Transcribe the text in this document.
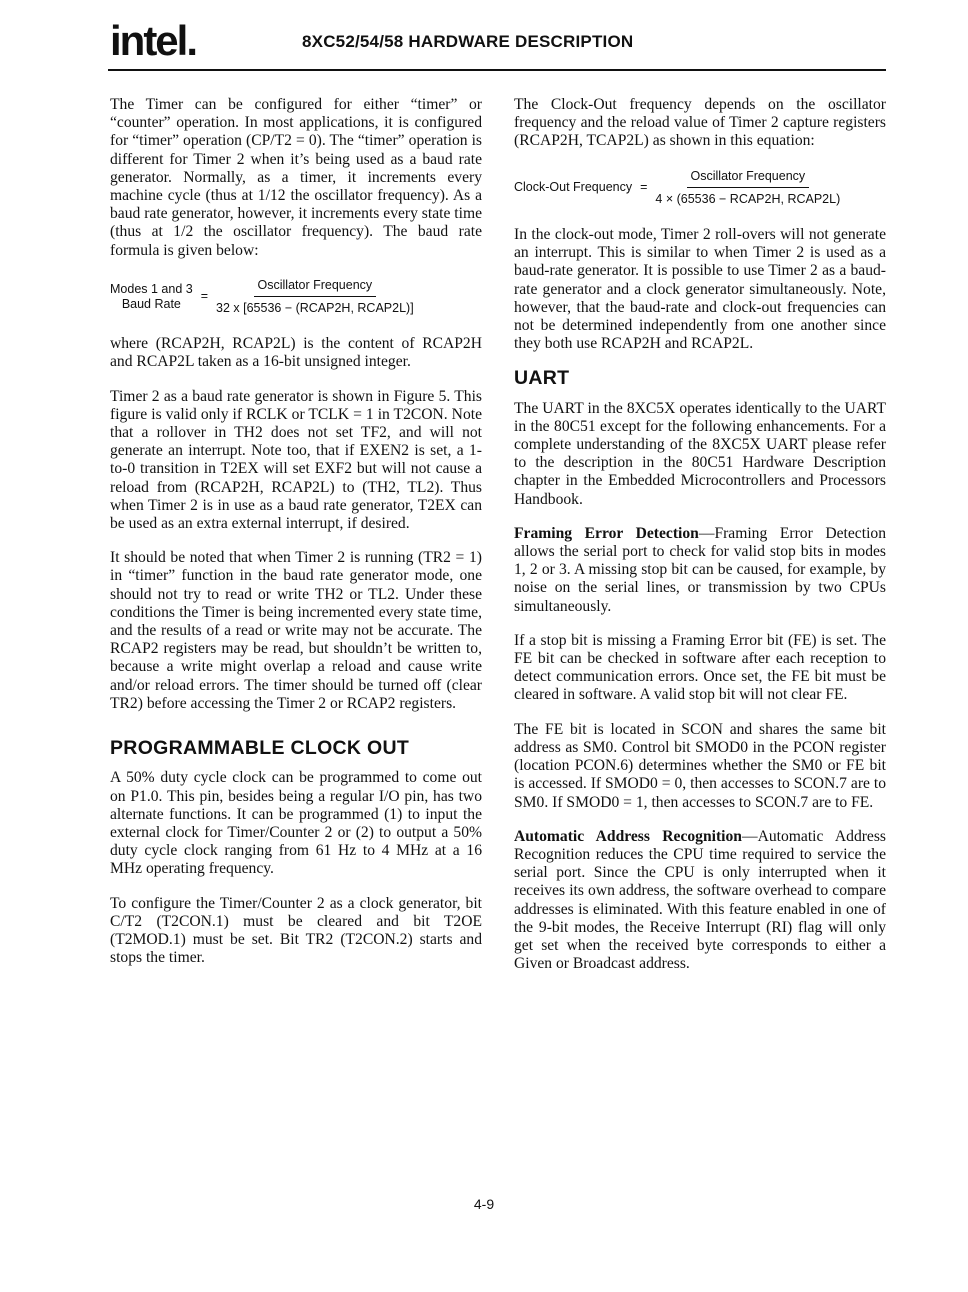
intel.	8XC52/54/58 HARDWARE DESCRIPTION

The Timer can be configured for either “timer” or “counter” operation. In most applications, it is configured for “timer” operation (CP/T2 = 0). The “timer” operation is different for Timer 2 when it’s being used as a baud rate generator. Normally, as a timer, it increments every machine cycle (thus at 1/12 the oscillator frequency). As a baud rate generator, however, it increments every state time (thus at 1/2 the oscillator frequency). The baud rate formula is given below:

Modes 1 and 3
Baud Rate
= $\frac{\text{Oscillator Frequency}}{\text{32 x [65536 − (RCAP2H, RCAP2L)]}}$

where (RCAP2H, RCAP2L) is the content of RCAP2H and RCAP2L taken as a 16-bit unsigned integer.

Timer 2 as a baud rate generator is shown in Figure 5. This figure is valid only if RCLK or TCLK = 1 in T2CON. Note that a rollover in TH2 does not set TF2, and will not generate an interrupt. Note too, that if EXEN2 is set, a 1-to-0 transition in T2EX will set EXF2 but will not cause a reload from (RCAP2H, RCAP2L) to (TH2, TL2). Thus when Timer 2 is in use as a baud rate generator, T2EX can be used as an extra external interrupt, if desired.

It should be noted that when Timer 2 is running (TR2 = 1) in “timer” function in the baud rate generator mode, one should not try to read or write TH2 or TL2. Under these conditions the Timer is being incremented every state time, and the results of a read or write may not be accurate. The RCAP2 registers may be read, but shouldn’t be written to, because a write might overlap a reload and cause write and/or reload errors. The timer should be turned off (clear TR2) before accessing the Timer 2 or RCAP2 registers.

PROGRAMMABLE CLOCK OUT

A 50% duty cycle clock can be programmed to come out on P1.0. This pin, besides being a regular I/O pin, has two alternate functions. It can be programmed (1) to input the external clock for Timer/Counter 2 or (2) to output a 50% duty cycle clock ranging from 61 Hz to 4 MHz at a 16 MHz operating frequency.

To configure the Timer/Counter 2 as a clock generator, bit C/T2 (T2CON.1) must be cleared and bit T2OE (T2MOD.1) must be set. Bit TR2 (T2CON.2) starts and stops the timer.

The Clock-Out frequency depends on the oscillator frequency and the reload value of Timer 2 capture registers (RCAP2H, TCAP2L) as shown in this equation:

Clock-Out Frequency = $\frac{\text{Oscillator Frequency}}{\text{4 × (65536 − RCAP2H, RCAP2L)}}$

In the clock-out mode, Timer 2 roll-overs will not generate an interrupt. This is similar to when Timer 2 is used as a baud-rate generator. It is possible to use Timer 2 as a baud-rate generator and a clock generator simultaneously. Note, however, that the baud-rate and clock-out frequencies can not be determined independently from one another since they both use RCAP2H and RCAP2L.

UART

The UART in the 8XC5X operates identically to the UART in the 80C51 except for the following enhancements. For a complete understanding of the 8XC5X UART please refer to the description in the 80C51 Hardware Description chapter in the Embedded Microcontrollers and Processors Handbook.

Framing Error Detection—Framing Error Detection allows the serial port to check for valid stop bits in modes 1, 2 or 3. A missing stop bit can be caused, for example, by noise on the serial lines, or transmission by two CPUs simultaneously.

If a stop bit is missing a Framing Error bit (FE) is set. The FE bit can be checked in software after each reception to detect communication errors. Once set, the FE bit must be cleared in software. A valid stop bit will not clear FE.

The FE bit is located in SCON and shares the same bit address as SM0. Control bit SMOD0 in the PCON register (location PCON.6) determines whether the SM0 or FE bit is accessed. If SMOD0 = 0, then accesses to SCON.7 are to SM0. If SMOD0 = 1, then accesses to SCON.7 are to FE.

Automatic Address Recognition—Automatic Address Recognition reduces the CPU time required to service the serial port. Since the CPU is only interrupted when it receives its own address, the software overhead to compare addresses is eliminated. With this feature enabled in one of the 9-bit modes, the Receive Interrupt (RI) flag will only get set when the received byte corresponds to either a Given or Broadcast address.

4-9
